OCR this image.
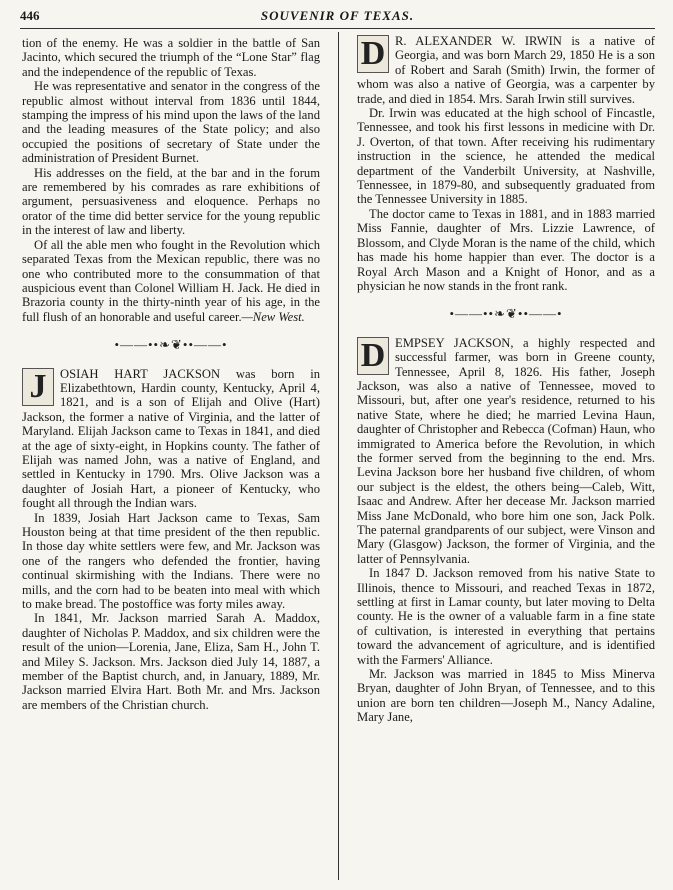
446	SOUVENIR OF TEXAS.

tion of the enemy. He was a soldier in the battle of San Jacinto, which secured the triumph of the “Lone Star” flag and the independence of the republic of Texas.

He was representative and senator in the congress of the republic almost without interval from 1836 until 1844, stamping the impress of his mind upon the laws of the land and the leading measures of the State policy; and also occupied the positions of secretary of State under the administration of President Burnet.

His addresses on the field, at the bar and in the forum are remembered by his comrades as rare exhibitions of argument, persuasiveness and eloquence. Perhaps no orator of the time did better service for the young republic in the interest of law and liberty.

Of all the able men who fought in the Revolution which separated Texas from the Mexican republic, there was no one who contributed more to the consummation of that auspicious event than Colonel William H. Jack. He died in Brazoria county in the thirty-ninth year of his age, in the full flush of an honorable and useful career.—New West.

•——••❧❦••——•
J	OSIAH HART JACKSON was born in Elizabethtown, Hardin county, Kentucky, April 4, 1821, and is a son of Elijah and Olive (Hart) Jackson, the former a native of Virginia, and the latter of Maryland. Elijah Jackson came to Texas in 1841, and died at the age of sixty-eight, in Hopkins county. The father of Elijah was named John, was a native of England, and settled in Kentucky in 1790. Mrs. Olive Jackson was a daughter of Josiah Hart, a pioneer of Kentucky, who fought all through the Indian wars.

In 1839, Josiah Hart Jackson came to Texas, Sam Houston being at that time president of the then republic. In those day white settlers were few, and Mr. Jackson was one of the rangers who defended the frontier, having continual skirmishing with the Indians. There were no mills, and the corn had to be beaten into meal with which to make bread. The postoffice was forty miles away.

In 1841, Mr. Jackson married Sarah A. Maddox, daughter of Nicholas P. Maddox, and six children were the result of the union—Lorenia, Jane, Eliza, Sam H., John T. and Miley S. Jackson. Mrs. Jackson died July 14, 1887, a member of the Baptist church, and, in January, 1889, Mr. Jackson married Elvira Hart. Both Mr. and Mrs. Jackson are members of the Christian church.

D R. ALEXANDER W. IRWIN is a native of Georgia, and was born March 29, 1850 He is a son of Robert and Sarah (Smith) Irwin, the former of whom was also a native of Georgia, was a carpenter by trade, and died in 1854. Mrs. Sarah Irwin still survives.

Dr. Irwin was educated at the high school of Fincastle, Tennessee, and took his first lessons in medicine with Dr. J. Overton, of that town. After receiving his rudimentary instruction in the science, he attended the medical department of the Vanderbilt University, at Nashville, Tennessee, in 1879-80, and subsequently graduated from the Tennessee University in 1885.

The doctor came to Texas in 1881, and in 1883 married Miss Fannie, daughter of Mrs. Lizzie Lawrence, of Blossom, and Clyde Moran is the name of the child, which has made his home happier than ever. The doctor is a Royal Arch Mason and a Knight of Honor, and as a physician he now stands in the front rank.

•——••❧❦••——•
D EMPSEY JACKSON, a highly respected and successful farmer, was born in Greene county, Tennessee, April 8, 1826. His father, Joseph Jackson, was also a native of Tennessee, moved to Missouri, but, after one year's residence, returned to his native State, where he died; he married Levina Haun, daughter of Christopher and Rebecca (Cofman) Haun, who immigrated to America before the Revolution, in which the former served from the beginning to the end. Mrs. Levina Jackson bore her husband five children, of whom our subject is the eldest, the others being—Caleb, Witt, Isaac and Andrew. After her decease Mr. Jackson married Miss Jane McDonald, who bore him one son, Jack Polk. The paternal grandparents of our subject, were Vinson and Mary (Glasgow) Jackson, the former of Virginia, and the latter of Pennsylvania.

In 1847 D. Jackson removed from his native State to Illinois, thence to Missouri, and reached Texas in 1872, settling at first in Lamar county, but later moving to Delta county. He is the owner of a valuable farm in a fine state of cultivation, is interested in everything that pertains toward the advancement of agriculture, and is identified with the Farmers' Alliance.

Mr. Jackson was married in 1845 to Miss Minerva Bryan, daughter of John Bryan, of Tennessee, and to this union are born ten children—Joseph M., Nancy Adaline, Mary Jane,
